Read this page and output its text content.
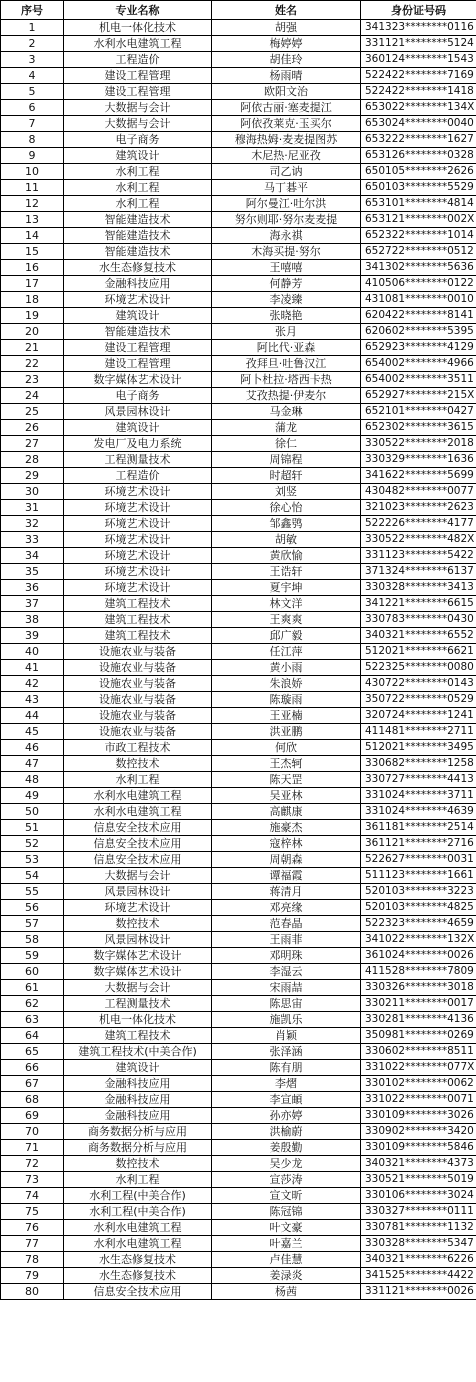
序号	专业名称	姓名	身份证号码
1	机电一体化技术	胡强	341323********0116
2	水利水电建筑工程	梅婷婷	331121********5124
3	工程造价	胡佳玲	360124********1543
4	建设工程管理	杨雨晴	522422********7169
5	建设工程管理	欧阳文治	522422********1418
6	大数据与会计	阿依古丽·塞麦提江	653022********134X
7	大数据与会计	阿依孜莱克·玉买尔	653024********0040
8	电子商务	穆海热姆·麦麦提图苏	653222********1627
9	建筑设计	木尼热·尼亚孜	653126********0328
10	水利工程	司乙讷	650105********2626
11	水利工程	马丁碁平	650103********5529
12	水利工程	阿尔曼江·吐尔洪	653101********4814
13	智能建造技术	努尔则耶·努尔麦麦提	653121********002X
14	智能建造技术	海永祺	652322********1014
15	智能建造技术	木海买提·努尔	652722********0512
16	水生态修复技术	王嘻嘻	341302********5636
17	金融科技应用	何静芳	410506********0122
18	环境艺术设计	李凌臻	431081********0010
19	建筑设计	张晓艳	620422********8141
20	智能建造技术	张月	620602********5395
21	建设工程管理	阿比代·亚森	652923********4129
22	建设工程管理	孜拜旦·吐鲁汉江	654002********4966
23	数字媒体艺术设计	阿卜杜拉·塔西卡热	654002********3511
24	电子商务	艾孜热提·伊麦尔	652927********215X
25	风景园林设计	马金琳	652101********0427
26	建筑设计	蒲龙	652302********3615
27	发电厂及电力系统	徐仁	330522********2018
28	工程测量技术	周锦程	330329********1636
29	工程造价	时超轩	341622********5699
30	环境艺术设计	刘竖	430482********0077
31	环境艺术设计	徐心怡	321023********2623
32	环境艺术设计	邹鑫鸮	522226********4177
33	环境艺术设计	胡敏	330522********482X
34	环境艺术设计	黄欣愉	331123********5422
35	环境艺术设计	王诰轩	371324********6137
36	环境艺术设计	夏宇坤	330328********3413
37	建筑工程技术	林文洋	341221********6615
38	建筑工程技术	王爽爽	330783********0430
39	建筑工程技术	邱广毅	340321********6552
40	设施农业与装备	任江萍	512021********6621
41	设施农业与装备	黄小雨	522325********0080
42	设施农业与装备	朱浪娇	430722********0143
43	设施农业与装备	陈璇雨	350722********0529
44	设施农业与装备	王亚楠	320724********1241
45	设施农业与装备	洪亚鹏	411481********2711
46	市政工程技术	何欣	512021********3495
47	数控技术	王杰轲	330682********1258
48	水利工程	陈天罡	330727********4413
49	水利水电建筑工程	吴亚林	331024********3711
50	水利水电建筑工程	高麒康	331024********4639
51	信息安全技术应用	施豪杰	361181********2514
52	信息安全技术应用	寇梓林	361121********2716
53	信息安全技术应用	周朝森	522627********0031
54	大数据与会计	谭福霞	511123********1661
55	风景园林设计	蒋清月	520103********3223
56	环境艺术设计	邓亮缘	520103********4825
57	数控技术	范春晶	522323********4659
58	风景园林设计	王雨菲	341022********132X
59	数字媒体艺术设计	邓明珠	361024********0026
60	数字媒体艺术设计	李湿云	411528********7809
61	大数据与会计	宋雨喆	330326********3018
62	工程测量技术	陈思宙	330211********0017
63	机电一体化技术	施凯乐	330281********4136
64	建筑工程技术	肖颖	350981********0269
65	建筑工程技术(中美合作)	张泽涵	330602********8511
66	建筑设计	陈有朋	331022********077X
67	金融科技应用	李熠	330102********0062
68	金融科技应用	李宣頔	331022********0071
69	金融科技应用	孙亦婷	330109********3026
70	商务数据分析与应用	洪榆蔚	330902********3420
71	商务数据分析与应用	姜殷勤	330109********5846
72	数控技术	吴少龙	340321********4373
73	水利工程	宣莎涛	330521********5019
74	水利工程(中美合作)	宣文昕	330106********3024
75	水利工程(中美合作)	陈冠锦	330327********0111
76	水利水电建筑工程	叶文豪	330781********1132
77	水利水电建筑工程	叶嘉兰	330328********5347
78	水生态修复技术	卢佳慧	340321********6226
79	水生态修复技术	姜渌炎	341525********4422
80	信息安全技术应用	杨茜	331121********0026
